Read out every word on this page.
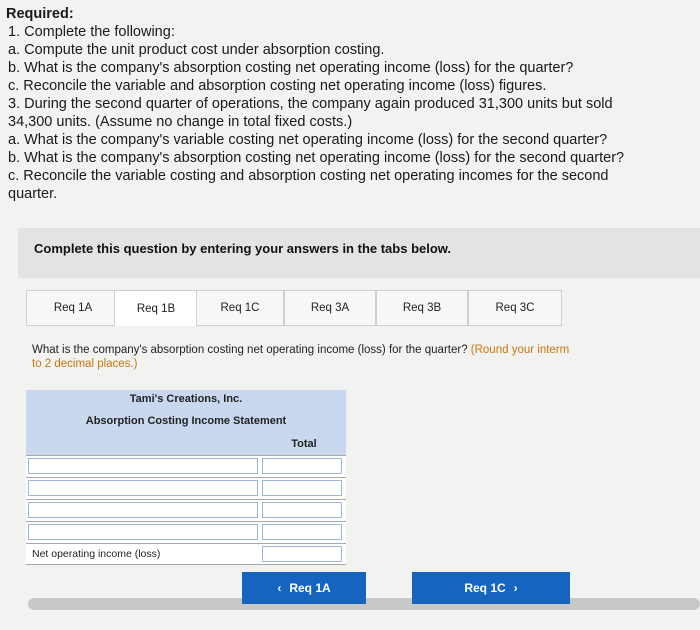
Required:
1. Complete the following:
a. Compute the unit product cost under absorption costing.
b. What is the company's absorption costing net operating income (loss) for the quarter?
c. Reconcile the variable and absorption costing net operating income (loss) figures.
3. During the second quarter of operations, the company again produced 31,300 units but sold
34,300 units. (Assume no change in total fixed costs.)
a. What is the company's variable costing net operating income (loss) for the second quarter?
b. What is the company's absorption costing net operating income (loss) for the second quarter?
c. Reconcile the variable costing and absorption costing net operating incomes for the second
quarter.
Complete this question by entering your answers in the tabs below.
Req 1A	Req 1B	Req 1C	Req 3A	Req 3B	Req 3C
What is the company's absorption costing net operating income (loss) for the quarter? (Round your interm
to 2 decimal places.)
Tami's Creations, Inc.
Absorption Costing Income Statement
Total
Net operating income (loss)
‹ Req 1A	Req 1C ›
